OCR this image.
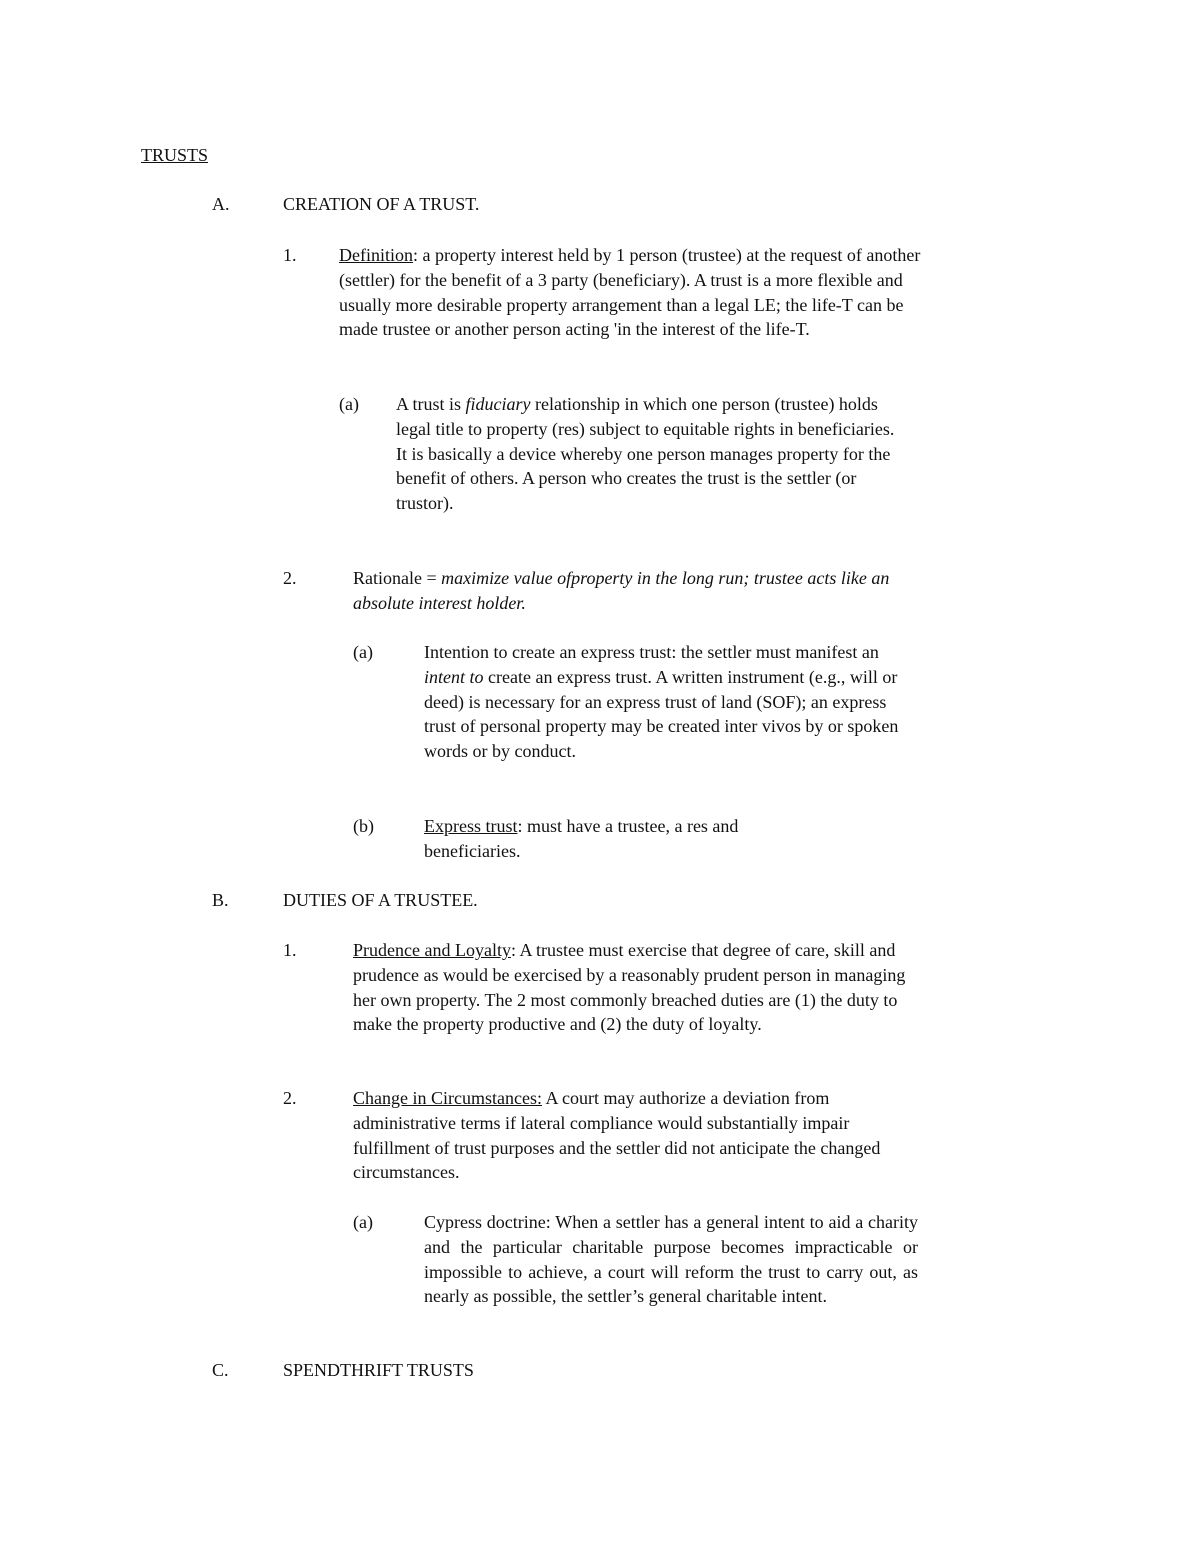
TRUSTS
A.	CREATION OF A TRUST.
1. Definition: a property interest held by 1 person (trustee) at the request of another (settler) for the benefit of a 3 party (beneficiary). A trust is a more flexible and usually more desirable property arrangement than a legal LE; the life-T can be made trustee or another person acting 'in the interest of the life-T.

(a) A trust is fiduciary relationship in which one person (trustee) holds legal title to property (res) subject to equitable rights in beneficiaries. It is basically a device whereby one person manages property for the benefit of others. A person who creates the trust is the settler (or trustor).

2.	Rationale = maximize value ofproperty in the long run; trustee acts like an absolute interest holder.

(a)	Intention to create an express trust: the settler must manifest an intent to create an express trust. A written instrument (e.g., will or deed) is necessary for an express trust of land (SOF); an express trust of personal property may be created inter vivos by or spoken words or by conduct.

(b)	Express trust: must have a trustee, a res and beneficiaries.

B.	DUTIES OF A TRUSTEE.
1.	Prudence and Loyalty: A trustee must exercise that degree of care, skill and prudence as would be exercised by a reasonably prudent person in managing her own property. The 2 most commonly breached duties are (1) the duty to make the property productive and (2) the duty of loyalty.

2.	Change in Circumstances: A court may authorize a deviation from administrative terms if lateral compliance would substantially impair fulfillment of trust purposes and the settler did not anticipate the changed circumstances.

(a)	Cypress doctrine: When a settler has a general intent to aid a charity and the particular charitable purpose becomes impracticable or impossible to achieve, a court will reform the trust to carry out, as nearly as possible, the settler’s general charitable intent.

C.	SPENDTHRIFT TRUSTS
